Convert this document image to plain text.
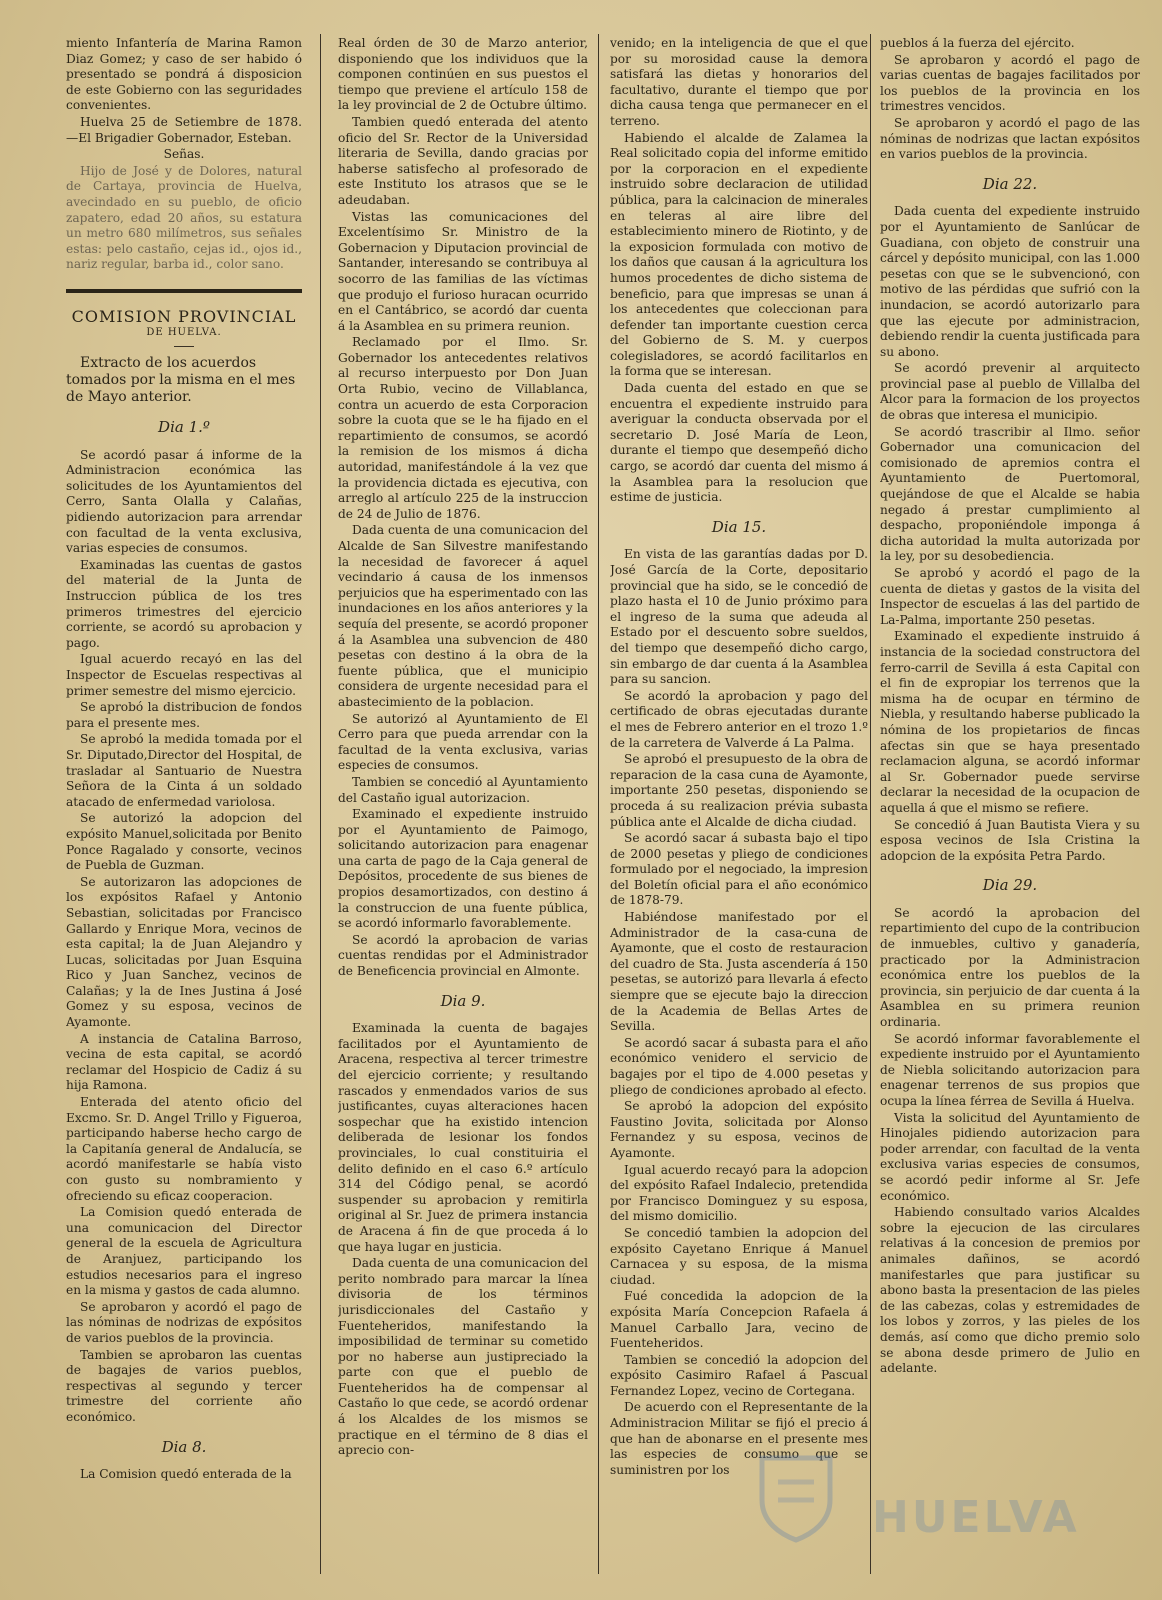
miento Infantería de Marina Ramon Diaz Gomez; y caso de ser habido ó presentado se pondrá á disposicion de este Gobierno con las seguridades convenientes.

Huelva 25 de Setiembre de 1878. —El Brigadier Gobernador, Esteban.

Señas.

Hijo de José y de Dolores, natural de Cartaya, provincia de Huelva, avecindado en su pueblo, de oficio zapatero, edad 20 años, su estatura un metro 680 milímetros, sus señales estas: pelo castaño, cejas id., ojos id., nariz regular, barba id., color sano.

COMISION PROVINCIAL
DE HUELVA.
Extracto de los acuerdos tomados por la misma en el mes de Mayo anterior.
Dia 1.º

Se acordó pasar á informe de la Administracion económica las solicitudes de los Ayuntamientos del Cerro, Santa Olalla y Calañas, pidiendo autorizacion para arrendar con facultad de la venta exclusiva, varias especies de consumos.

Examinadas las cuentas de gastos del material de la Junta de Instruccion pública de los tres primeros trimestres del ejercicio corriente, se acordó su aprobacion y pago.

Igual acuerdo recayó en las del Inspector de Escuelas respectivas al primer semestre del mismo ejercicio.

Se aprobó la distribucion de fondos para el presente mes.

Se aprobó la medida tomada por el Sr. Diputado,Director del Hospital, de trasladar al Santuario de Nuestra Señora de la Cinta á un soldado atacado de enfermedad variolosa.

Se autorizó la adopcion del expósito Manuel,solicitada por Benito Ponce Ragalado y consorte, vecinos de Puebla de Guzman.

Se autorizaron las adopciones de los expósitos Rafael y Antonio Sebastian, solicitadas por Francisco Gallardo y Enrique Mora, vecinos de esta capital; la de Juan Alejandro y Lucas, solicitadas por Juan Esquina Rico y Juan Sanchez, vecinos de Calañas; y la de Ines Justina á José Gomez y su esposa, vecinos de Ayamonte.

A instancia de Catalina Barroso, vecina de esta capital, se acordó reclamar del Hospicio de Cadiz á su hija Ramona.

Enterada del atento oficio del Excmo. Sr. D. Angel Trillo y Figueroa, participando haberse hecho cargo de la Capitanía general de Andalucía, se acordó manifestarle se había visto con gusto su nombramiento y ofreciendo su eficaz cooperacion.

La Comision quedó enterada de una comunicacion del Director general de la escuela de Agricultura de Aranjuez, participando los estudios necesarios para el ingreso en la misma y gastos de cada alumno.

Se aprobaron y acordó el pago de las nóminas de nodrizas de expósitos de varios pueblos de la provincia.

Tambien se aprobaron las cuentas de bagajes de varios pueblos, respectivas al segundo y tercer trimestre del corriente año económico.

Dia 8.

La Comision quedó enterada de la

Real órden de 30 de Marzo anterior, disponiendo que los individuos que la componen continúen en sus puestos el tiempo que previene el artículo 158 de la ley provincial de 2 de Octubre último.

Tambien quedó enterada del atento oficio del Sr. Rector de la Universidad literaria de Sevilla, dando gracias por haberse satisfecho al profesorado de este Instituto los atrasos que se le adeudaban.

Vistas las comunicaciones del Excelentísimo Sr. Ministro de la Gobernacion y Diputacion provincial de Santander, interesando se contribuya al socorro de las familias de las víctimas que produjo el furioso huracan ocurrido en el Cantábrico, se acordó dar cuenta á la Asamblea en su primera reunion.

Reclamado por el Ilmo. Sr. Gobernador los antecedentes relativos al recurso interpuesto por Don Juan Orta Rubio, vecino de Villablanca, contra un acuerdo de esta Corporacion sobre la cuota que se le ha fijado en el repartimiento de consumos, se acordó la remision de los mismos á dicha autoridad, manifestándole á la vez que la providencia dictada es ejecutiva, con arreglo al artículo 225 de la instruccion de 24 de Julio de 1876.

Dada cuenta de una comunicacion del Alcalde de San Silvestre manifestando la necesidad de favorecer á aquel vecindario á causa de los inmensos perjuicios que ha esperimentado con las inundaciones en los años anteriores y la sequía del presente, se acordó proponer á la Asamblea una subvencion de 480 pesetas con destino á la obra de la fuente pública, que el municipio considera de urgente necesidad para el abastecimiento de la poblacion.

Se autorizó al Ayuntamiento de El Cerro para que pueda arrendar con la facultad de la venta exclusiva, varias especies de consumos.

Tambien se concedió al Ayuntamiento del Castaño igual autorizacion.

Examinado el expediente instruido por el Ayuntamiento de Paimogo, solicitando autorizacion para enagenar una carta de pago de la Caja general de Depósitos, procedente de sus bienes de propios desamortizados, con destino á la construccion de una fuente pública, se acordó informarlo favorablemente.

Se acordó la aprobacion de varias cuentas rendidas por el Administrador de Beneficencia provincial en Almonte.

Dia 9.

Examinada la cuenta de bagajes facilitados por el Ayuntamiento de Aracena, respectiva al tercer trimestre del ejercicio corriente; y resultando rascados y enmendados varios de sus justificantes, cuyas alteraciones hacen sospechar que ha existido intencion deliberada de lesionar los fondos provinciales, lo cual constituiria el delito definido en el caso 6.º artículo 314 del Código penal, se acordó suspender su aprobacion y remitirla original al Sr. Juez de primera instancia de Aracena á fin de que proceda á lo que haya lugar en justicia.

Dada cuenta de una comunicacion del perito nombrado para marcar la línea divisoria de los términos jurisdiccionales del Castaño y Fuenteheridos, manifestando la imposibilidad de terminar su cometido por no haberse aun justipreciado la parte con que el pueblo de Fuenteheridos ha de compensar al Castaño lo que cede, se acordó ordenar á los Alcaldes de los mismos se practique en el término de 8 dias el aprecio con-

venido; en la inteligencia de que el que por su morosidad cause la demora satisfará las dietas y honorarios del facultativo, durante el tiempo que por dicha causa tenga que permanecer en el terreno.

Habiendo el alcalde de Zalamea la Real solicitado copia del informe emitido por la corporacion en el expediente instruido sobre declaracion de utilidad pública, para la calcinacion de minerales en teleras al aire libre del establecimiento minero de Riotinto, y de la exposicion formulada con motivo de los daños que causan á la agricultura los humos procedentes de dicho sistema de beneficio, para que impresas se unan á los antecedentes que coleccionan para defender tan importante cuestion cerca del Gobierno de S. M. y cuerpos colegisladores, se acordó facilitarlos en la forma que se interesan.

Dada cuenta del estado en que se encuentra el expediente instruido para averiguar la conducta observada por el secretario D. José María de Leon, durante el tiempo que desempeñó dicho cargo, se acordó dar cuenta del mismo á la Asamblea para la resolucion que estime de justicia.

Dia 15.

En vista de las garantías dadas por D. José García de la Corte, depositario provincial que ha sido, se le concedió de plazo hasta el 10 de Junio próximo para el ingreso de la suma que adeuda al Estado por el descuento sobre sueldos, del tiempo que desempeñó dicho cargo, sin embargo de dar cuenta á la Asamblea para su sancion.

Se acordó la aprobacion y pago del certificado de obras ejecutadas durante el mes de Febrero anterior en el trozo 1.º de la carretera de Valverde á La Palma.

Se aprobó el presupuesto de la obra de reparacion de la casa cuna de Ayamonte, importante 250 pesetas, disponiendo se proceda á su realizacion prévia subasta pública ante el Alcalde de dicha ciudad.

Se acordó sacar á subasta bajo el tipo de 2000 pesetas y pliego de condiciones formulado por el negociado, la impresion del Boletín oficial para el año económico de 1878-79.

Habiéndose manifestado por el Administrador de la casa-cuna de Ayamonte, que el costo de restauracion del cuadro de Sta. Justa ascendería á 150 pesetas, se autorizó para llevarla á efecto siempre que se ejecute bajo la direccion de la Academia de Bellas Artes de Sevilla.

Se acordó sacar á subasta para el año económico venidero el servicio de bagajes por el tipo de 4.000 pesetas y pliego de condiciones aprobado al efecto.

Se aprobó la adopcion del expósito Faustino Jovita, solicitada por Alonso Fernandez y su esposa, vecinos de Ayamonte.

Igual acuerdo recayó para la adopcion del expósito Rafael Indalecio, pretendida por Francisco Dominguez y su esposa, del mismo domicilio.

Se concedió tambien la adopcion del expósito Cayetano Enrique á Manuel Carnacea y su esposa, de la misma ciudad.

Fué concedida la adopcion de la expósita María Concepcion Rafaela á Manuel Carballo Jara, vecino de Fuenteheridos.

Tambien se concedió la adopcion del expósito Casimiro Rafael á Pascual Fernandez Lopez, vecino de Cortegana.

De acuerdo con el Representante de la Administracion Militar se fijó el precio á que han de abonarse en el presente mes las especies de consumo que se suministren por los

pueblos á la fuerza del ejército.

Se aprobaron y acordó el pago de varias cuentas de bagajes facilitados por los pueblos de la provincia en los trimestres vencidos.

Se aprobaron y acordó el pago de las nóminas de nodrizas que lactan expósitos en varios pueblos de la provincia.

Dia 22.

Dada cuenta del expediente instruido por el Ayuntamiento de Sanlúcar de Guadiana, con objeto de construir una cárcel y depósito municipal, con las 1.000 pesetas con que se le subvencionó, con motivo de las pérdidas que sufrió con la inundacion, se acordó autorizarlo para que las ejecute por administracion, debiendo rendir la cuenta justificada para su abono.

Se acordó prevenir al arquitecto provincial pase al pueblo de Villalba del Alcor para la formacion de los proyectos de obras que interesa el municipio.

Se acordó trascribir al Ilmo. señor Gobernador una comunicacion del comisionado de apremios contra el Ayuntamiento de Puertomoral, quejándose de que el Alcalde se habia negado á prestar cumplimiento al despacho, proponiéndole imponga á dicha autoridad la multa autorizada por la ley, por su desobediencia.

Se aprobó y acordó el pago de la cuenta de dietas y gastos de la visita del Inspector de escuelas á las del partido de La-Palma, importante 250 pesetas.

Examinado el expediente instruido á instancia de la sociedad constructora del ferro-carril de Sevilla á esta Capital con el fin de expropiar los terrenos que la misma ha de ocupar en término de Niebla, y resultando haberse publicado la nómina de los propietarios de fincas afectas sin que se haya presentado reclamacion alguna, se acordó informar al Sr. Gobernador puede servirse declarar la necesidad de la ocupacion de aquella á que el mismo se refiere.

Se concedió á Juan Bautista Viera y su esposa vecinos de Isla Cristina la adopcion de la expósita Petra Pardo.

Dia 29.

Se acordó la aprobacion del repartimiento del cupo de la contribucion de inmuebles, cultivo y ganadería, practicado por la Administracion económica entre los pueblos de la provincia, sin perjuicio de dar cuenta á la Asamblea en su primera reunion ordinaria.

Se acordó informar favorablemente el expediente instruido por el Ayuntamiento de Niebla solicitando autorizacion para enagenar terrenos de sus propios que ocupa la línea férrea de Sevilla á Huelva.

Vista la solicitud del Ayuntamiento de Hinojales pidiendo autorizacion para poder arrendar, con facultad de la venta exclusiva varias especies de consumos, se acordó pedir informe al Sr. Jefe económico.

Habiendo consultado varios Alcaldes sobre la ejecucion de las circulares relativas á la concesion de premios por animales dañinos, se acordó manifestarles que para justificar su abono basta la presentacion de las pieles de las cabezas, colas y estremidades de los lobos y zorros, y las pieles de los demás, así como que dicho premio solo se abona desde primero de Julio en adelante.

HUELVA
